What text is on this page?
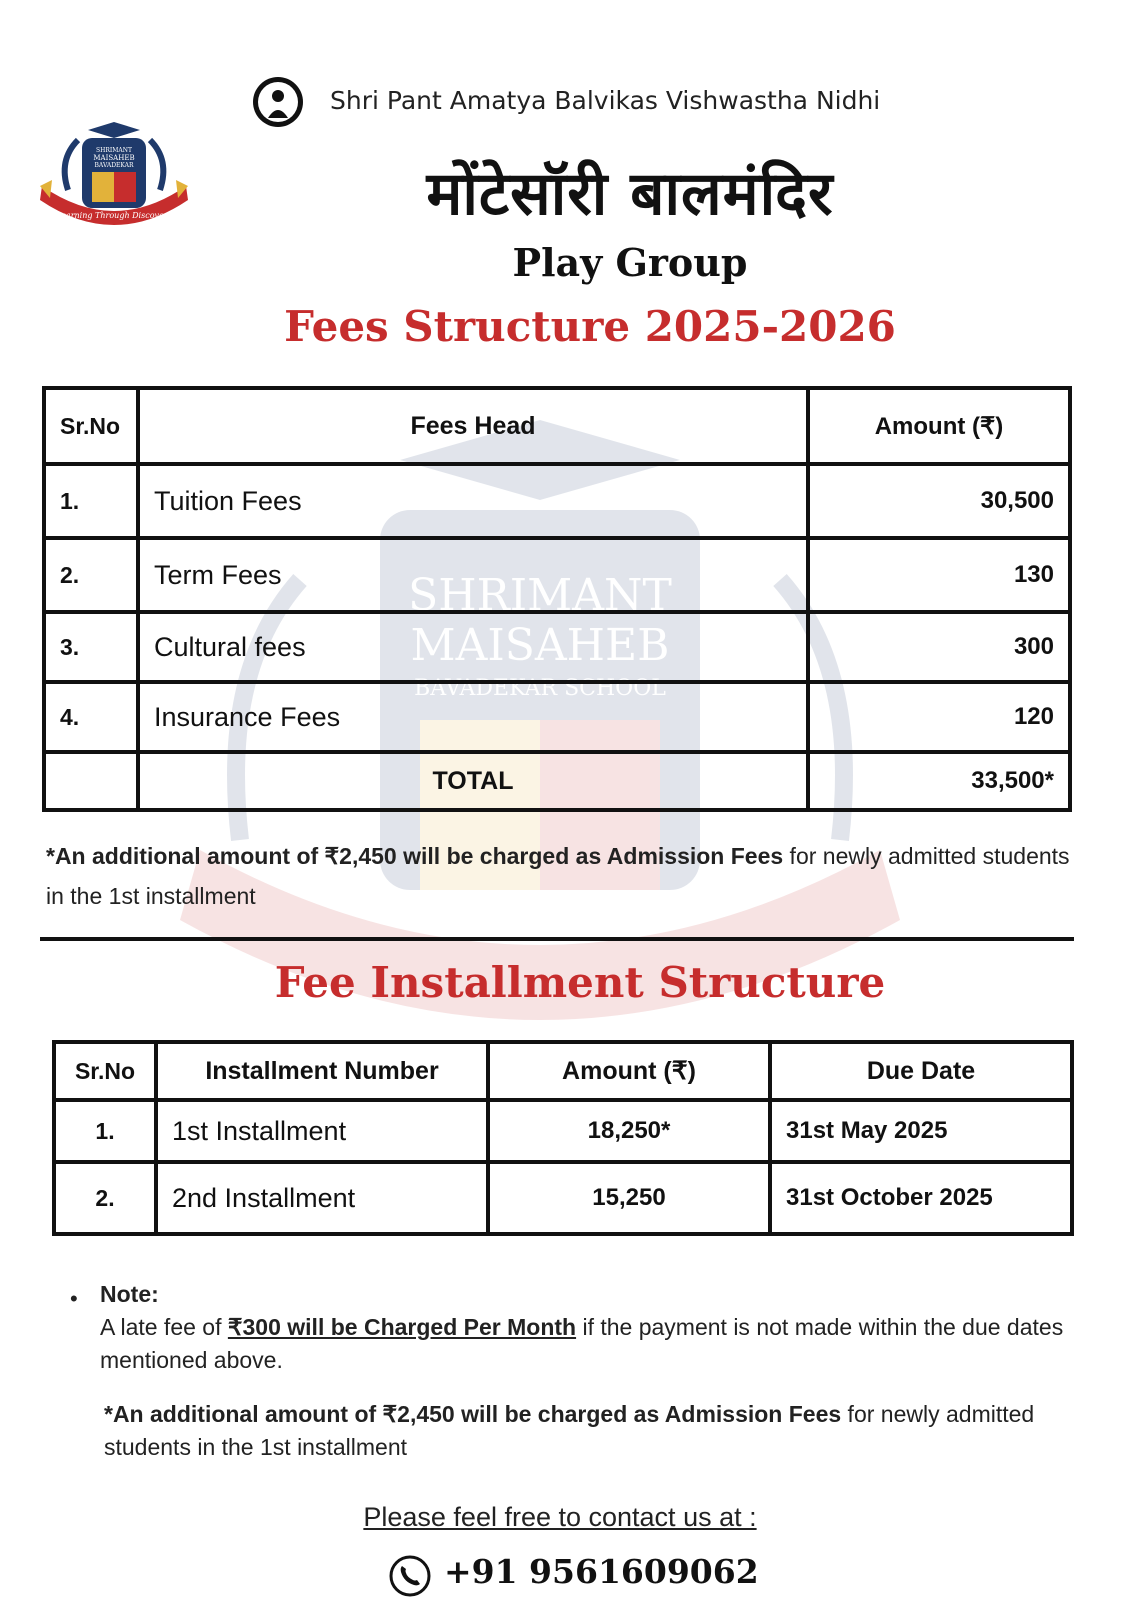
SHRIMANT
MAISAHEB
BAVADEKAR SCHOOL
Shri Pant Amatya Balvikas Vishwastha Nidhi
SHRIMANT
MAISAHEB
BAVADEKAR
Learning Through Discovery	मोंटेसॉरी बालमंदिर
Play Group
Fees Structure 2025-2026
Sr.No	Fees Head	Amount (₹)
1.	Tuition Fees	30,500
2.	Term Fees	130
3.	Cultural fees	300
4.	Insurance Fees	120
	TOTAL	33,500*
*An additional amount of ₹2,450 will be charged as Admission Fees for newly admitted students in the 1st installment
Fee Installment Structure
Sr.No	Installment Number	Amount (₹)	Due Date
1.	1st Installment	18,250*	31st May 2025
2.	2nd Installment	15,250	31st October 2025
• Note:
A late fee of ₹300 will be Charged Per Month if the payment is not made within the due dates mentioned above.
*An additional amount of ₹2,450 will be charged as Admission Fees for newly admitted students in the 1st installment
Please feel free to contact us at :
+91 9561609062
